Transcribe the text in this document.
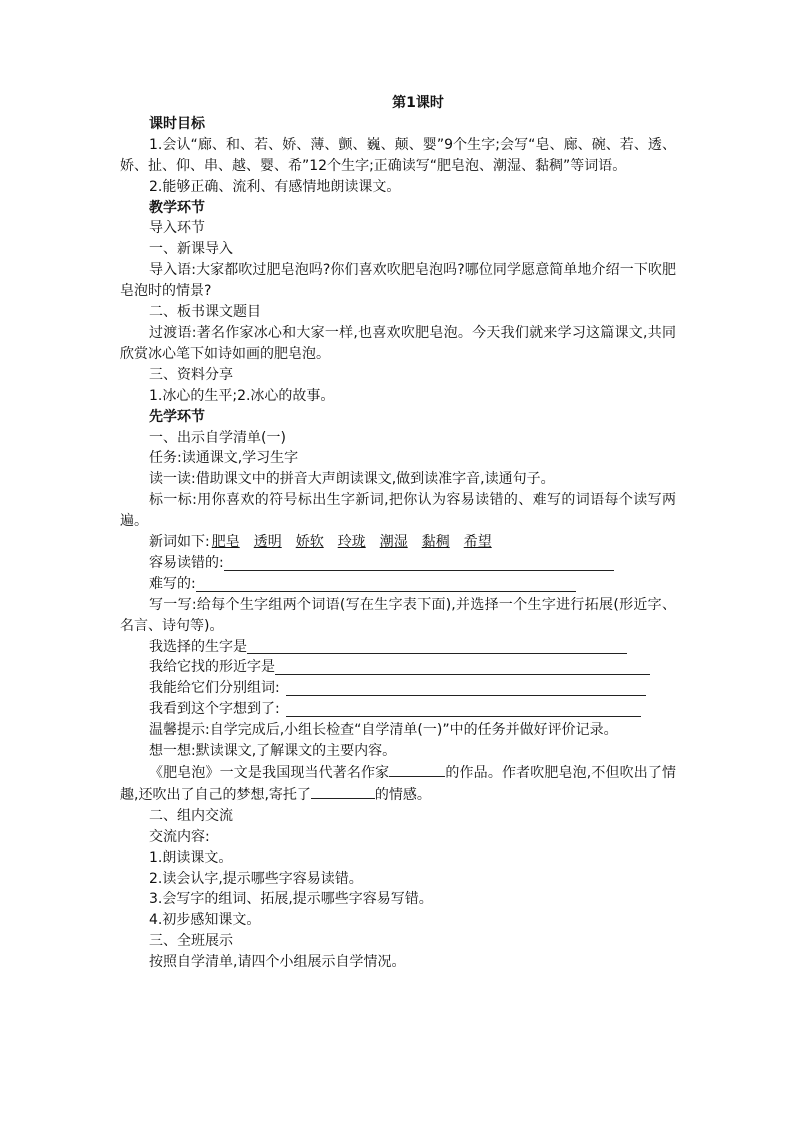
第1课时
课时目标
1.会认“廊、和、若、娇、薄、颤、巍、颠、婴”9个生字;会写“皂、廊、碗、若、透、娇、扯、仰、串、越、婴、希”12个生字;正确读写“肥皂泡、潮湿、黏稠”等词语。
2.能够正确、流利、有感情地朗读课文。
教学环节
导入环节
一、新课导入
导入语:大家都吹过肥皂泡吗?你们喜欢吹肥皂泡吗?哪位同学愿意简单地介绍一下吹肥皂泡时的情景?
二、板书课文题目
过渡语:著名作家冰心和大家一样,也喜欢吹肥皂泡。今天我们就来学习这篇课文,共同欣赏冰心笔下如诗如画的肥皂泡。
三、资料分享
1.冰心的生平;2.冰心的故事。
先学环节
一、出示自学清单(一)
任务:读通课文,学习生字
读一读:借助课文中的拼音大声朗读课文,做到读准字音,读通句子。
标一标:用你喜欢的符号标出生字新词,把你认为容易读错的、难写的词语每个读写两遍。
新词如下: 肥皂 透明 娇软 玲珑 潮湿 黏稠 希望
容易读错的:
难写的:
写一写:给每个生字组两个词语(写在生字表下面),并选择一个生字进行拓展(形近字、名言、诗句等)。
我选择的生字是
我给它找的形近字是
我能给它们分别组词:
我看到这个字想到了:
温馨提示:自学完成后,小组长检查“自学清单(一)”中的任务并做好评价记录。
想一想:默读课文,了解课文的主要内容。
《肥皂泡》一文是我国现当代著名作家	的作品。作者吹肥皂泡,不但吹出了情趣,还吹出了自己的梦想,寄托了	的情感。
二、组内交流
交流内容:
1.朗读课文。
2.读会认字,提示哪些字容易读错。
3.会写字的组词、拓展,提示哪些字容易写错。
4.初步感知课文。
三、全班展示
按照自学清单,请四个小组展示自学情况。
